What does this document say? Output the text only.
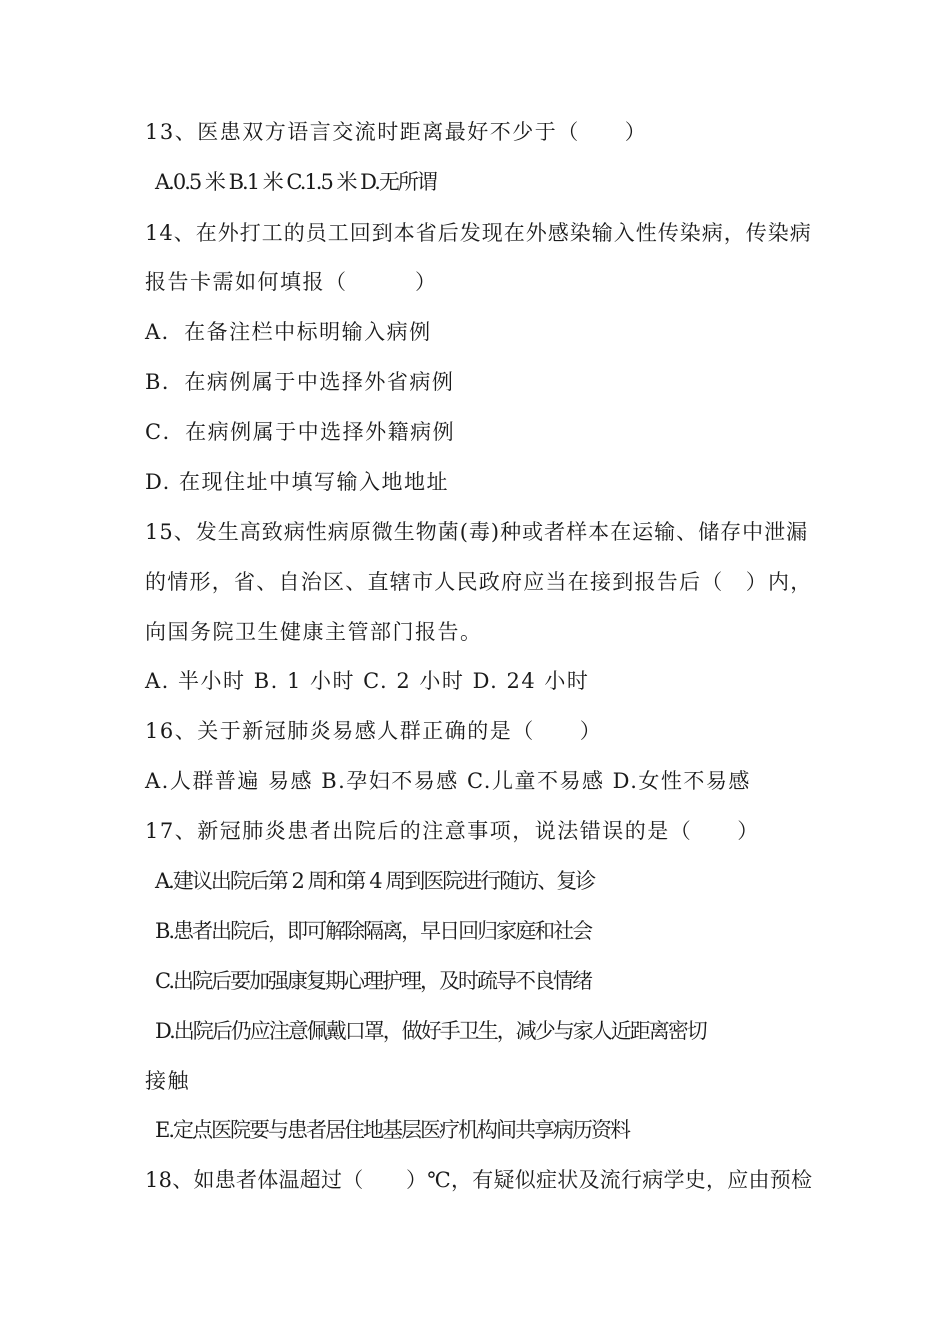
13、医患双方语言交流时距离最好不少于（　　）
A.0.5 米 B.1 米 C.1.5 米 D.无所谓
14、在外打工的员工回到本省后发现在外感染输入性传染病，传染病
报告卡需如何填报（　　　）
A．在备注栏中标明输入病例
B．在病例属于中选择外省病例
C．在病例属于中选择外籍病例
D. 在现住址中填写输入地地址
15、发生高致病性病原微生物菌(毒)种或者样本在运输、储存中泄漏
的情形，省、自治区、直辖市人民政府应当在接到报告后（　）内，
向国务院卫生健康主管部门报告。
A. 半小时 B. 1 小时 C. 2 小时 D. 24 小时
16、关于新冠肺炎易感人群正确的是（　　）
A.人群普遍 易感 B.孕妇不易感 C.儿童不易感 D.女性不易感
17、新冠肺炎患者出院后的注意事项，说法错误的是（　　）
A.建议出院后第 2 周和第 4 周到医院进行随访、复诊
B.患者出院后，即可解除隔离，早日回归家庭和社会
C.出院后要加强康复期心理护理，及时疏导不良情绪
D.出院后仍应注意佩戴口罩，做好手卫生，减少与家人近距离密切
接触
E.定点医院要与患者居住地基层医疗机构间共享病历资料
18、如患者体温超过（　　）℃，有疑似症状及流行病学史，应由预检
